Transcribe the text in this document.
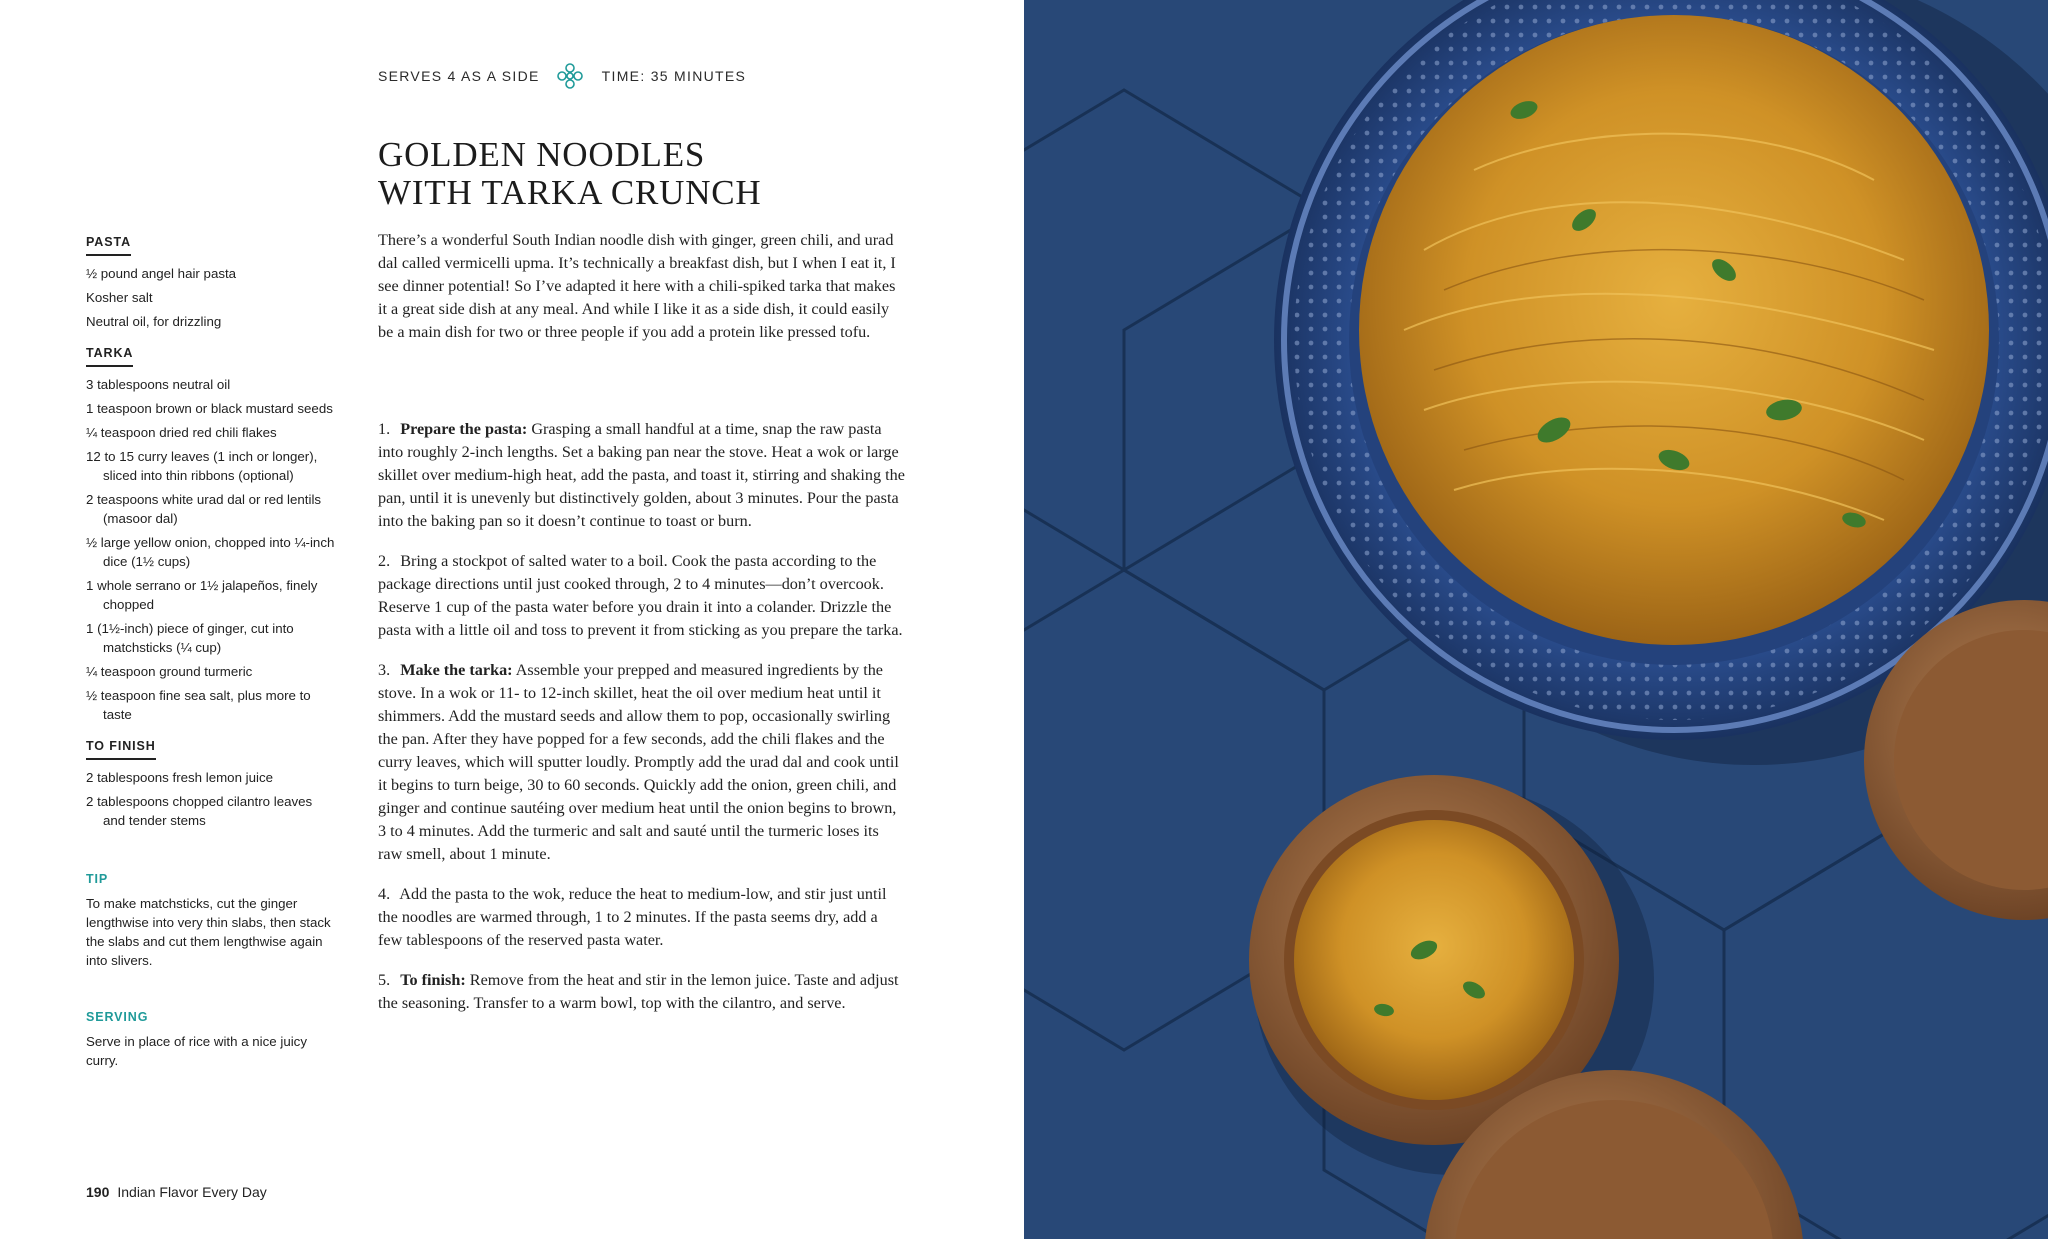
SERVES 4 AS A SIDE	TIME: 35 MINUTES
GOLDEN NOODLES
WITH TARKA CRUNCH

There’s a wonderful South Indian noodle dish with ginger, green chili, and urad dal called vermicelli upma. It’s technically a breakfast dish, but I when I eat it, I see dinner potential! So I’ve adapted it here with a chili-spiked tarka that makes it a great side dish at any meal. And while I like it as a side dish, it could easily be a main dish for two or three people if you add a protein like pressed tofu.

PASTA
½ pound angel hair pasta
Kosher salt
Neutral oil, for drizzling
TARKA
3 tablespoons neutral oil
1 teaspoon brown or black mustard seeds
¼ teaspoon dried red chili flakes
12 to 15 curry leaves (1 inch or longer), sliced into thin ribbons (optional)
2 teaspoons white urad dal or red lentils (masoor dal)
½ large yellow onion, chopped into ¼-inch dice (1½ cups)
1 whole serrano or 1½ jalapeños, finely chopped
1 (1½-inch) piece of ginger, cut into matchsticks (¼ cup)
¼ teaspoon ground turmeric
½ teaspoon fine sea salt, plus more to taste
TO FINISH
2 tablespoons fresh lemon juice
2 tablespoons chopped cilantro leaves and tender stems
TIP

To make matchsticks, cut the ginger lengthwise into very thin slabs, then stack the slabs and cut them lengthwise again into slivers.

SERVING

Serve in place of rice with a nice juicy curry.

1. Prepare the pasta: Grasping a small handful at a time, snap the raw pasta into roughly 2-inch lengths. Set a baking pan near the stove. Heat a wok or large skillet over medium-high heat, add the pasta, and toast it, stirring and shaking the pan, until it is unevenly but distinctively golden, about 3 minutes. Pour the pasta into the baking pan so it doesn’t continue to toast or burn.

2. Bring a stockpot of salted water to a boil. Cook the pasta according to the package directions until just cooked through, 2 to 4 minutes—don’t overcook. Reserve 1 cup of the pasta water before you drain it into a colander. Drizzle the pasta with a little oil and toss to prevent it from sticking as you prepare the tarka.

3. Make the tarka: Assemble your prepped and measured ingredients by the stove. In a wok or 11- to 12-inch skillet, heat the oil over medium heat until it shimmers. Add the mustard seeds and allow them to pop, occasionally swirling the pan. After they have popped for a few seconds, add the chili flakes and the curry leaves, which will sputter loudly. Promptly add the urad dal and cook until it begins to turn beige, 30 to 60 seconds. Quickly add the onion, green chili, and ginger and continue sautéing over medium heat until the onion begins to brown, 3 to 4 minutes. Add the turmeric and salt and sauté until the turmeric loses its raw smell, about 1 minute.

4. Add the pasta to the wok, reduce the heat to medium-low, and stir just until the noodles are warmed through, 1 to 2 minutes. If the pasta seems dry, add a few tablespoons of the reserved pasta water.

5. To finish: Remove from the heat and stir in the lemon juice. Taste and adjust the seasoning. Transfer to a warm bowl, top with the cilantro, and serve.

190 Indian Flavor Every Day
